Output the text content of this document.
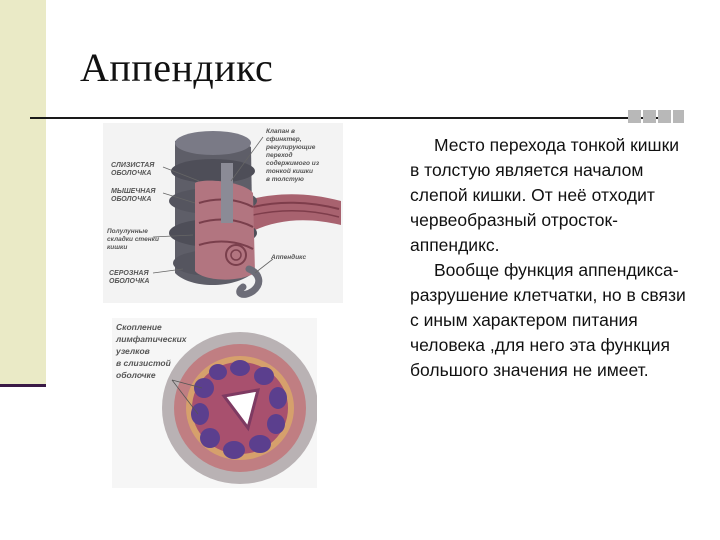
Аппендикс
Клапан в
сфинктер,
регулирующие
переход
содержимого из
тонкой кишки
в толстую
СЛИЗИСТАЯ
ОБОЛОЧКА
МЫШЕЧНАЯ
ОБОЛОЧКА
Полулунные
складки стенки
кишки
Аппендикс
СЕРОЗНАЯ
ОБОЛОЧКА
Скопление
лимфатических
узелков
в слизистой
оболочке

Место перехода тонкой кишки в толстую является началом слепой кишки. От неё отходит червеобразный отросток- аппендикс.

Вообще функция аппендикса- разрушение клетчатки, но в связи с иным характером питания человека ,для него эта функция большого значения не имеет.
